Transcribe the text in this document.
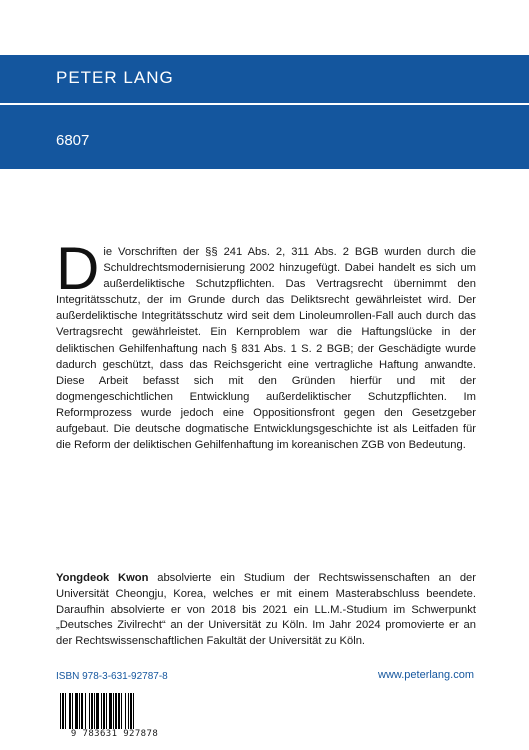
PETER LANG
6807
Die Vorschriften der §§ 241 Abs. 2, 311 Abs. 2 BGB wurden durch die Schuldrechtsmodernisierung 2002 hinzugefügt. Dabei handelt es sich um außerdeliktische Schutzpflichten. Das Vertragsrecht übernimmt den Integritätsschutz, der im Grunde durch das Deliktsrecht gewährleistet wird. Der außerdeliktische Integritätsschutz wird seit dem Linoleumrollen-Fall auch durch das Vertragsrecht gewährleistet. Ein Kernproblem war die Haftungslücke in der deliktischen Gehilfenhaftung nach § 831 Abs. 1 S. 2 BGB; der Geschädigte wurde dadurch geschützt, dass das Reichsgericht eine vertragliche Haftung anwandte. Diese Arbeit befasst sich mit den Gründen hierfür und mit der dogmengeschichtlichen Entwicklung außerdeliktischer Schutzpflichten. Im Reformprozess wurde jedoch eine Oppositionsfront gegen den Gesetzgeber aufgebaut. Die deutsche dogmatische Entwicklungsgeschichte ist als Leitfaden für die Reform der deliktischen Gehilfenhaftung im koreanischen ZGB von Bedeutung.
Yongdeok Kwon absolvierte ein Studium der Rechtswissenschaften an der Universität Cheongju, Korea, welches er mit einem Masterabschluss beendete. Daraufhin absolvierte er von 2018 bis 2021 ein LL.M.-Studium im Schwerpunkt „Deutsches Zivilrecht“ an der Universität zu Köln. Im Jahr 2024 promovierte er an der Rechtswissenschaftlichen Fakultät der Universität zu Köln.
ISBN 978-3-631-92787-8	www.peterlang.com
9 783631 927878
